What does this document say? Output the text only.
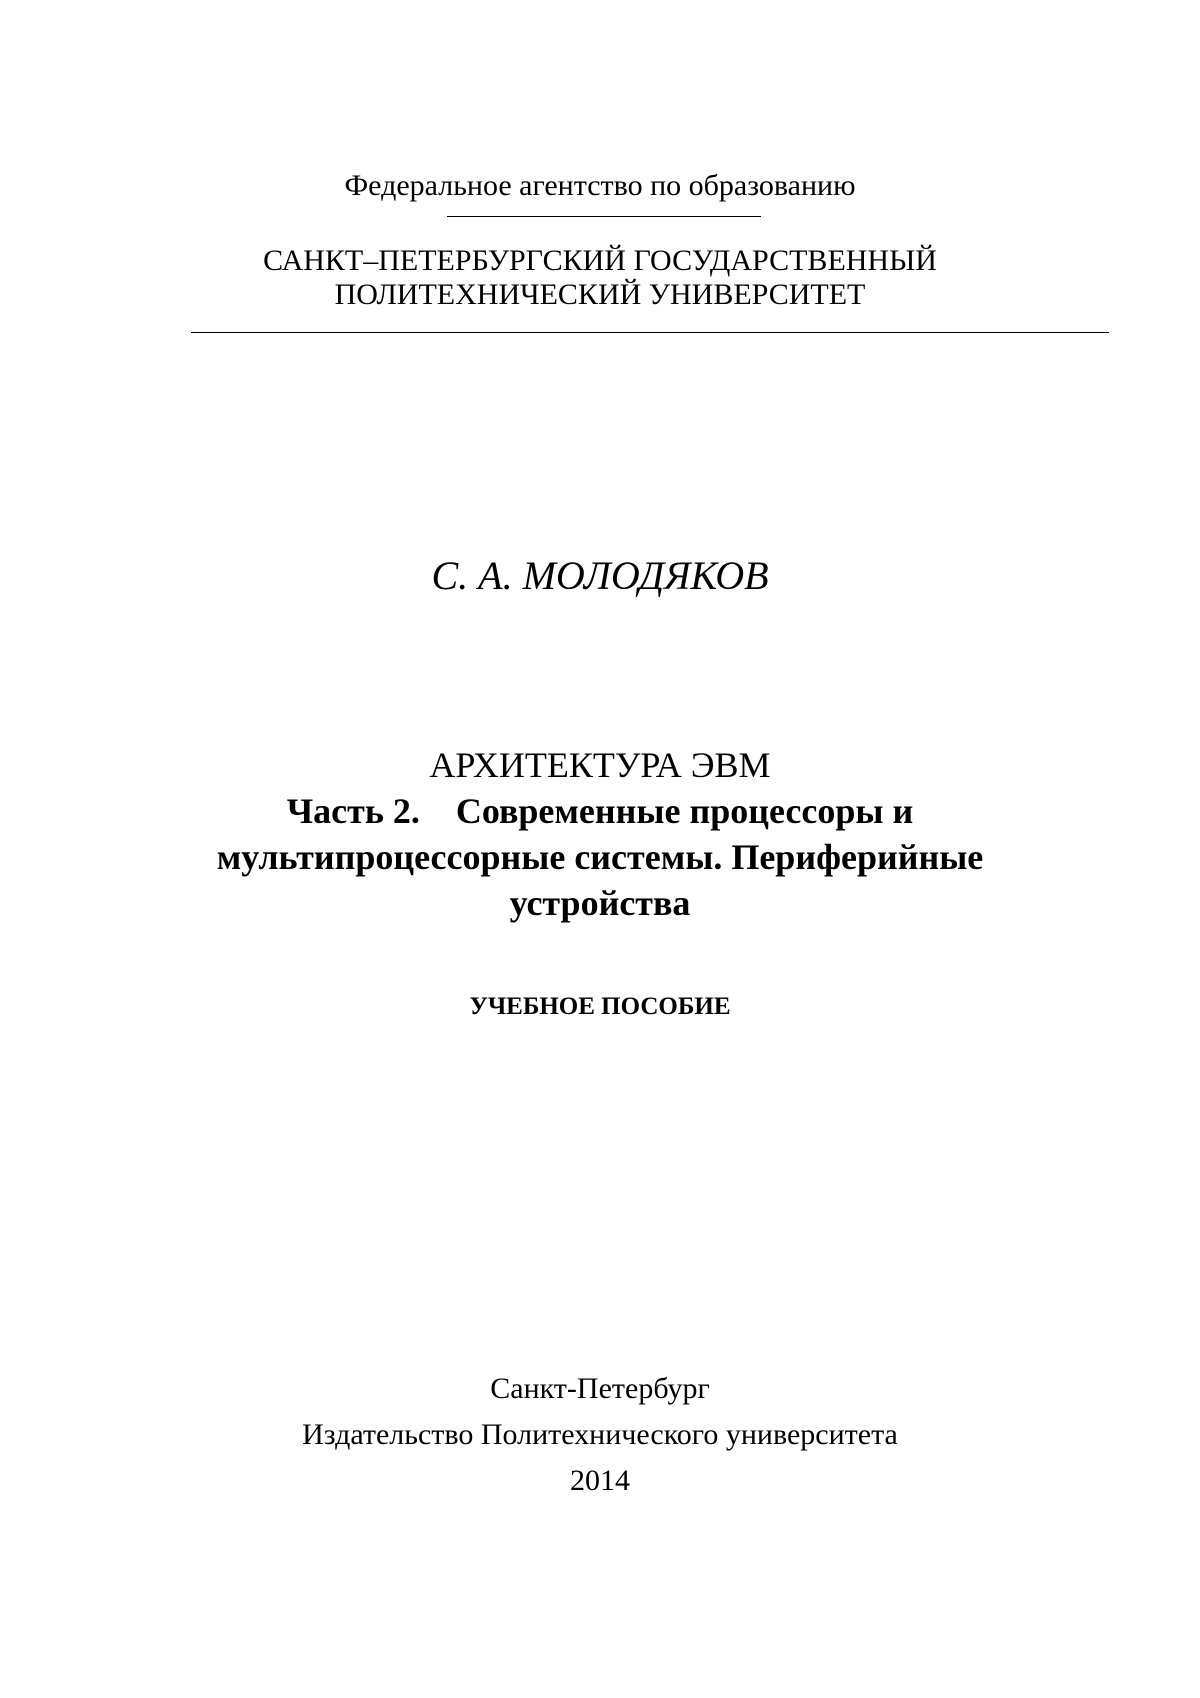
Федеральное агентство по образованию
САНКТ–ПЕТЕРБУРГСКИЙ ГОСУДАРСТВЕННЫЙ
ПОЛИТЕХНИЧЕСКИЙ УНИВЕРСИТЕТ
С. А. МОЛОДЯКОВ
АРХИТЕКТУРА ЭВМ
Часть 2.    Современные процессоры и
мультипроцессорные системы. Периферийные
устройства
УЧЕБНОЕ ПОСОБИЕ
Санкт-Петербург
Издательство Политехнического университета
2014
